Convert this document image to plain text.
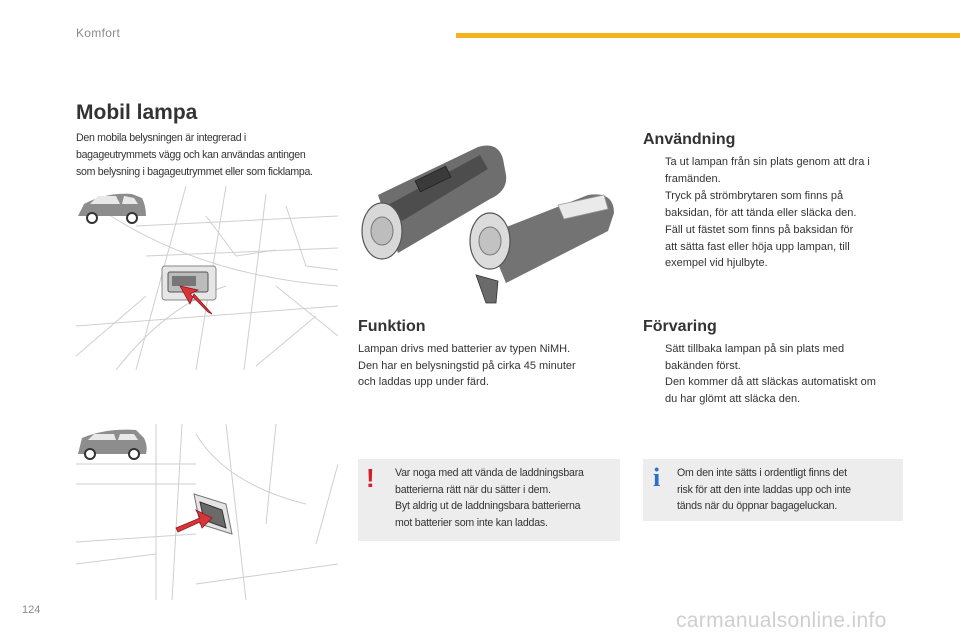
Komfort
Mobil lampa
Den mobila belysningen är integrerad i
bagageutrymmets vägg och kan användas antingen
som belysning i bagageutrymmet eller som ficklampa.
Funktion
Lampan drivs med batterier av typen NiMH.
Den har en belysningstid på cirka 45 minuter
och laddas upp under färd.
Användning
Ta ut lampan från sin plats genom att dra i
framänden.
Tryck på strömbrytaren som finns på
baksidan, för att tända eller släcka den.
Fäll ut fästet som finns på baksidan för
att sätta fast eller höja upp lampan, till
exempel vid hjulbyte.
Förvaring
Sätt tillbaka lampan på sin plats med
bakänden först.
Den kommer då att släckas automatiskt om
du har glömt att släcka den.
! Var noga med att vända de laddningsbara
batterierna rätt när du sätter i dem.
Byt aldrig ut de laddningsbara batterierna
mot batterier som inte kan laddas.
i Om den inte sätts i ordentligt finns det
risk för att den inte laddas upp och inte
tänds när du öppnar bagageluckan.
124	carmanualsonline.info
